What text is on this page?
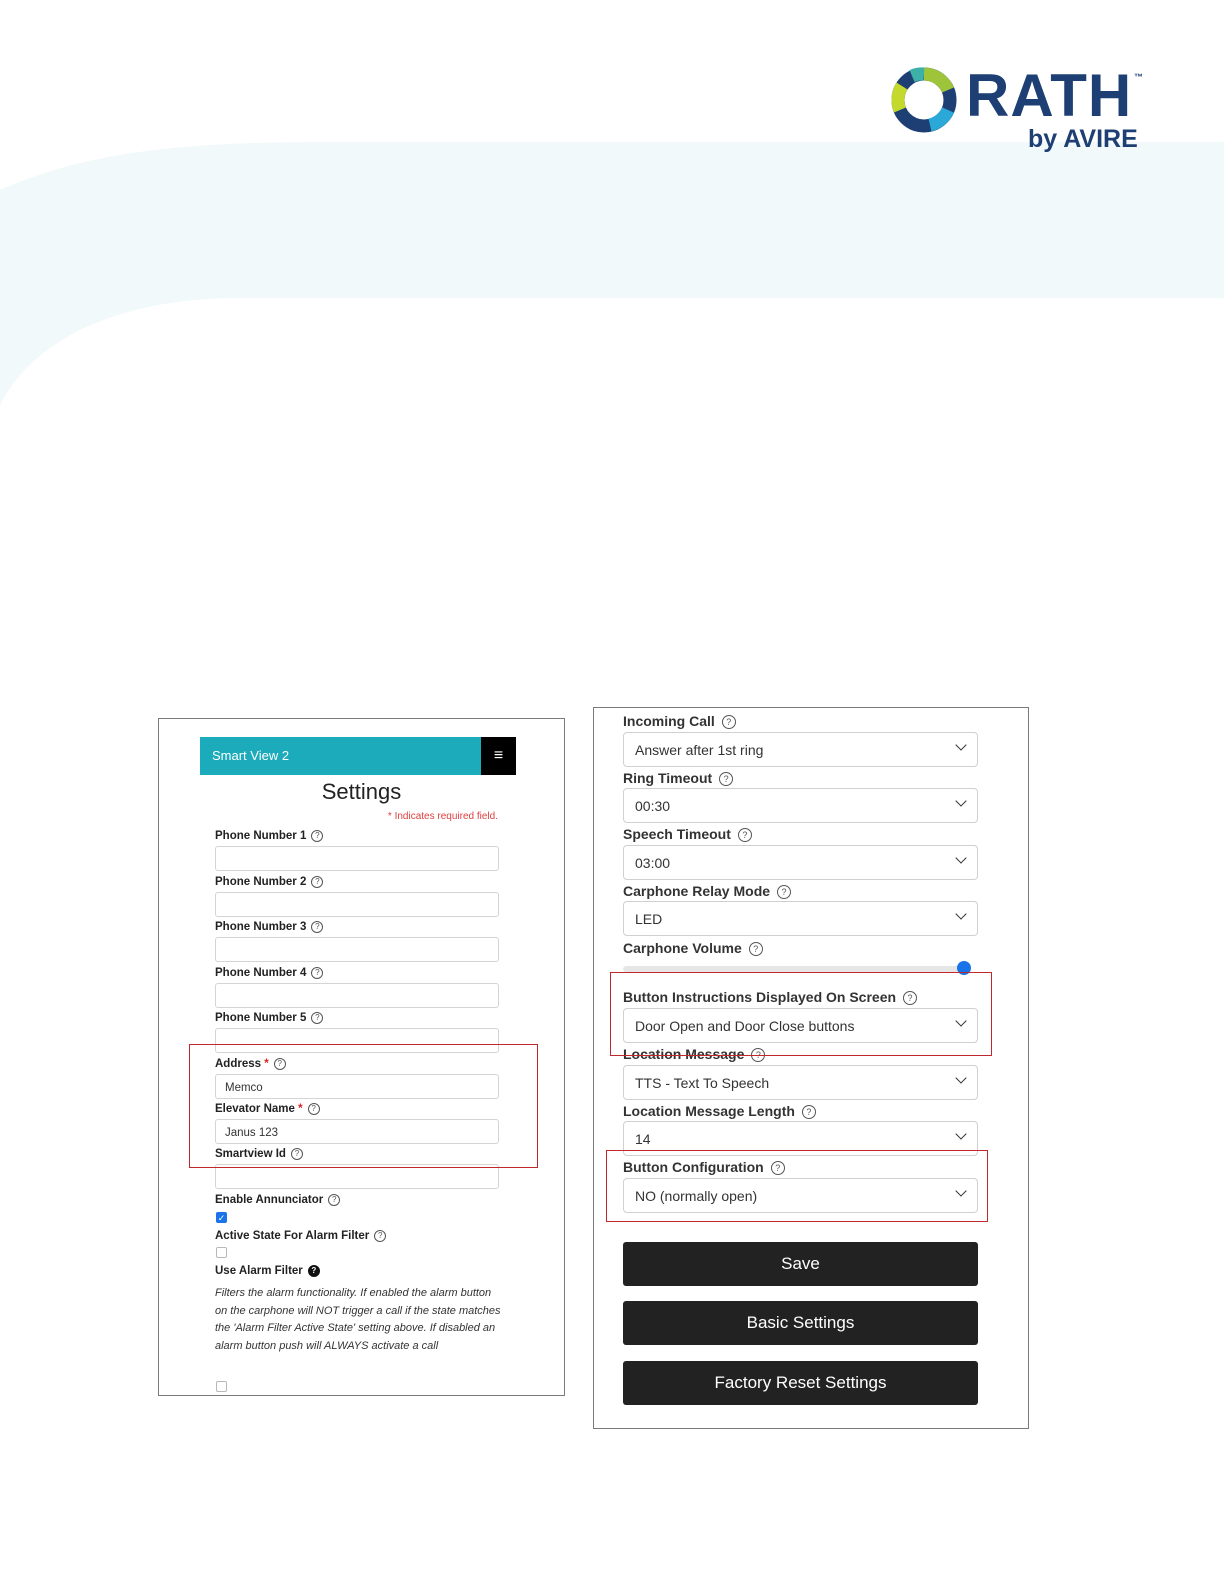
RATH ™
by AVIRE
Smart View 2	≡
Settings
* Indicates required field.
Phone Number 1 ?
Phone Number 2 ?
Phone Number 3 ?
Phone Number 4 ?
Phone Number 5 ?
Address * ?
Memco
Elevator Name * ?
Janus 123
Smartview Id ?
Enable Annunciator ?
✓
Active State For Alarm Filter ?
Use Alarm Filter ?
Filters the alarm functionality. If enabled the alarm button on the carphone will NOT trigger a call if the state matches the 'Alarm Filter Active State' setting above. If disabled an alarm button push will ALWAYS activate a call
Incoming Call ?
Answer after 1st ring
Ring Timeout ?
00:30
Speech Timeout ?
03:00
Carphone Relay Mode ?
LED
Carphone Volume ?
Button Instructions Displayed On Screen ?
Door Open and Door Close buttons
Location Message ?
TTS - Text To Speech
Location Message Length ?
14
Button Configuration ?
NO (normally open)
Save
Basic Settings
Factory Reset Settings
